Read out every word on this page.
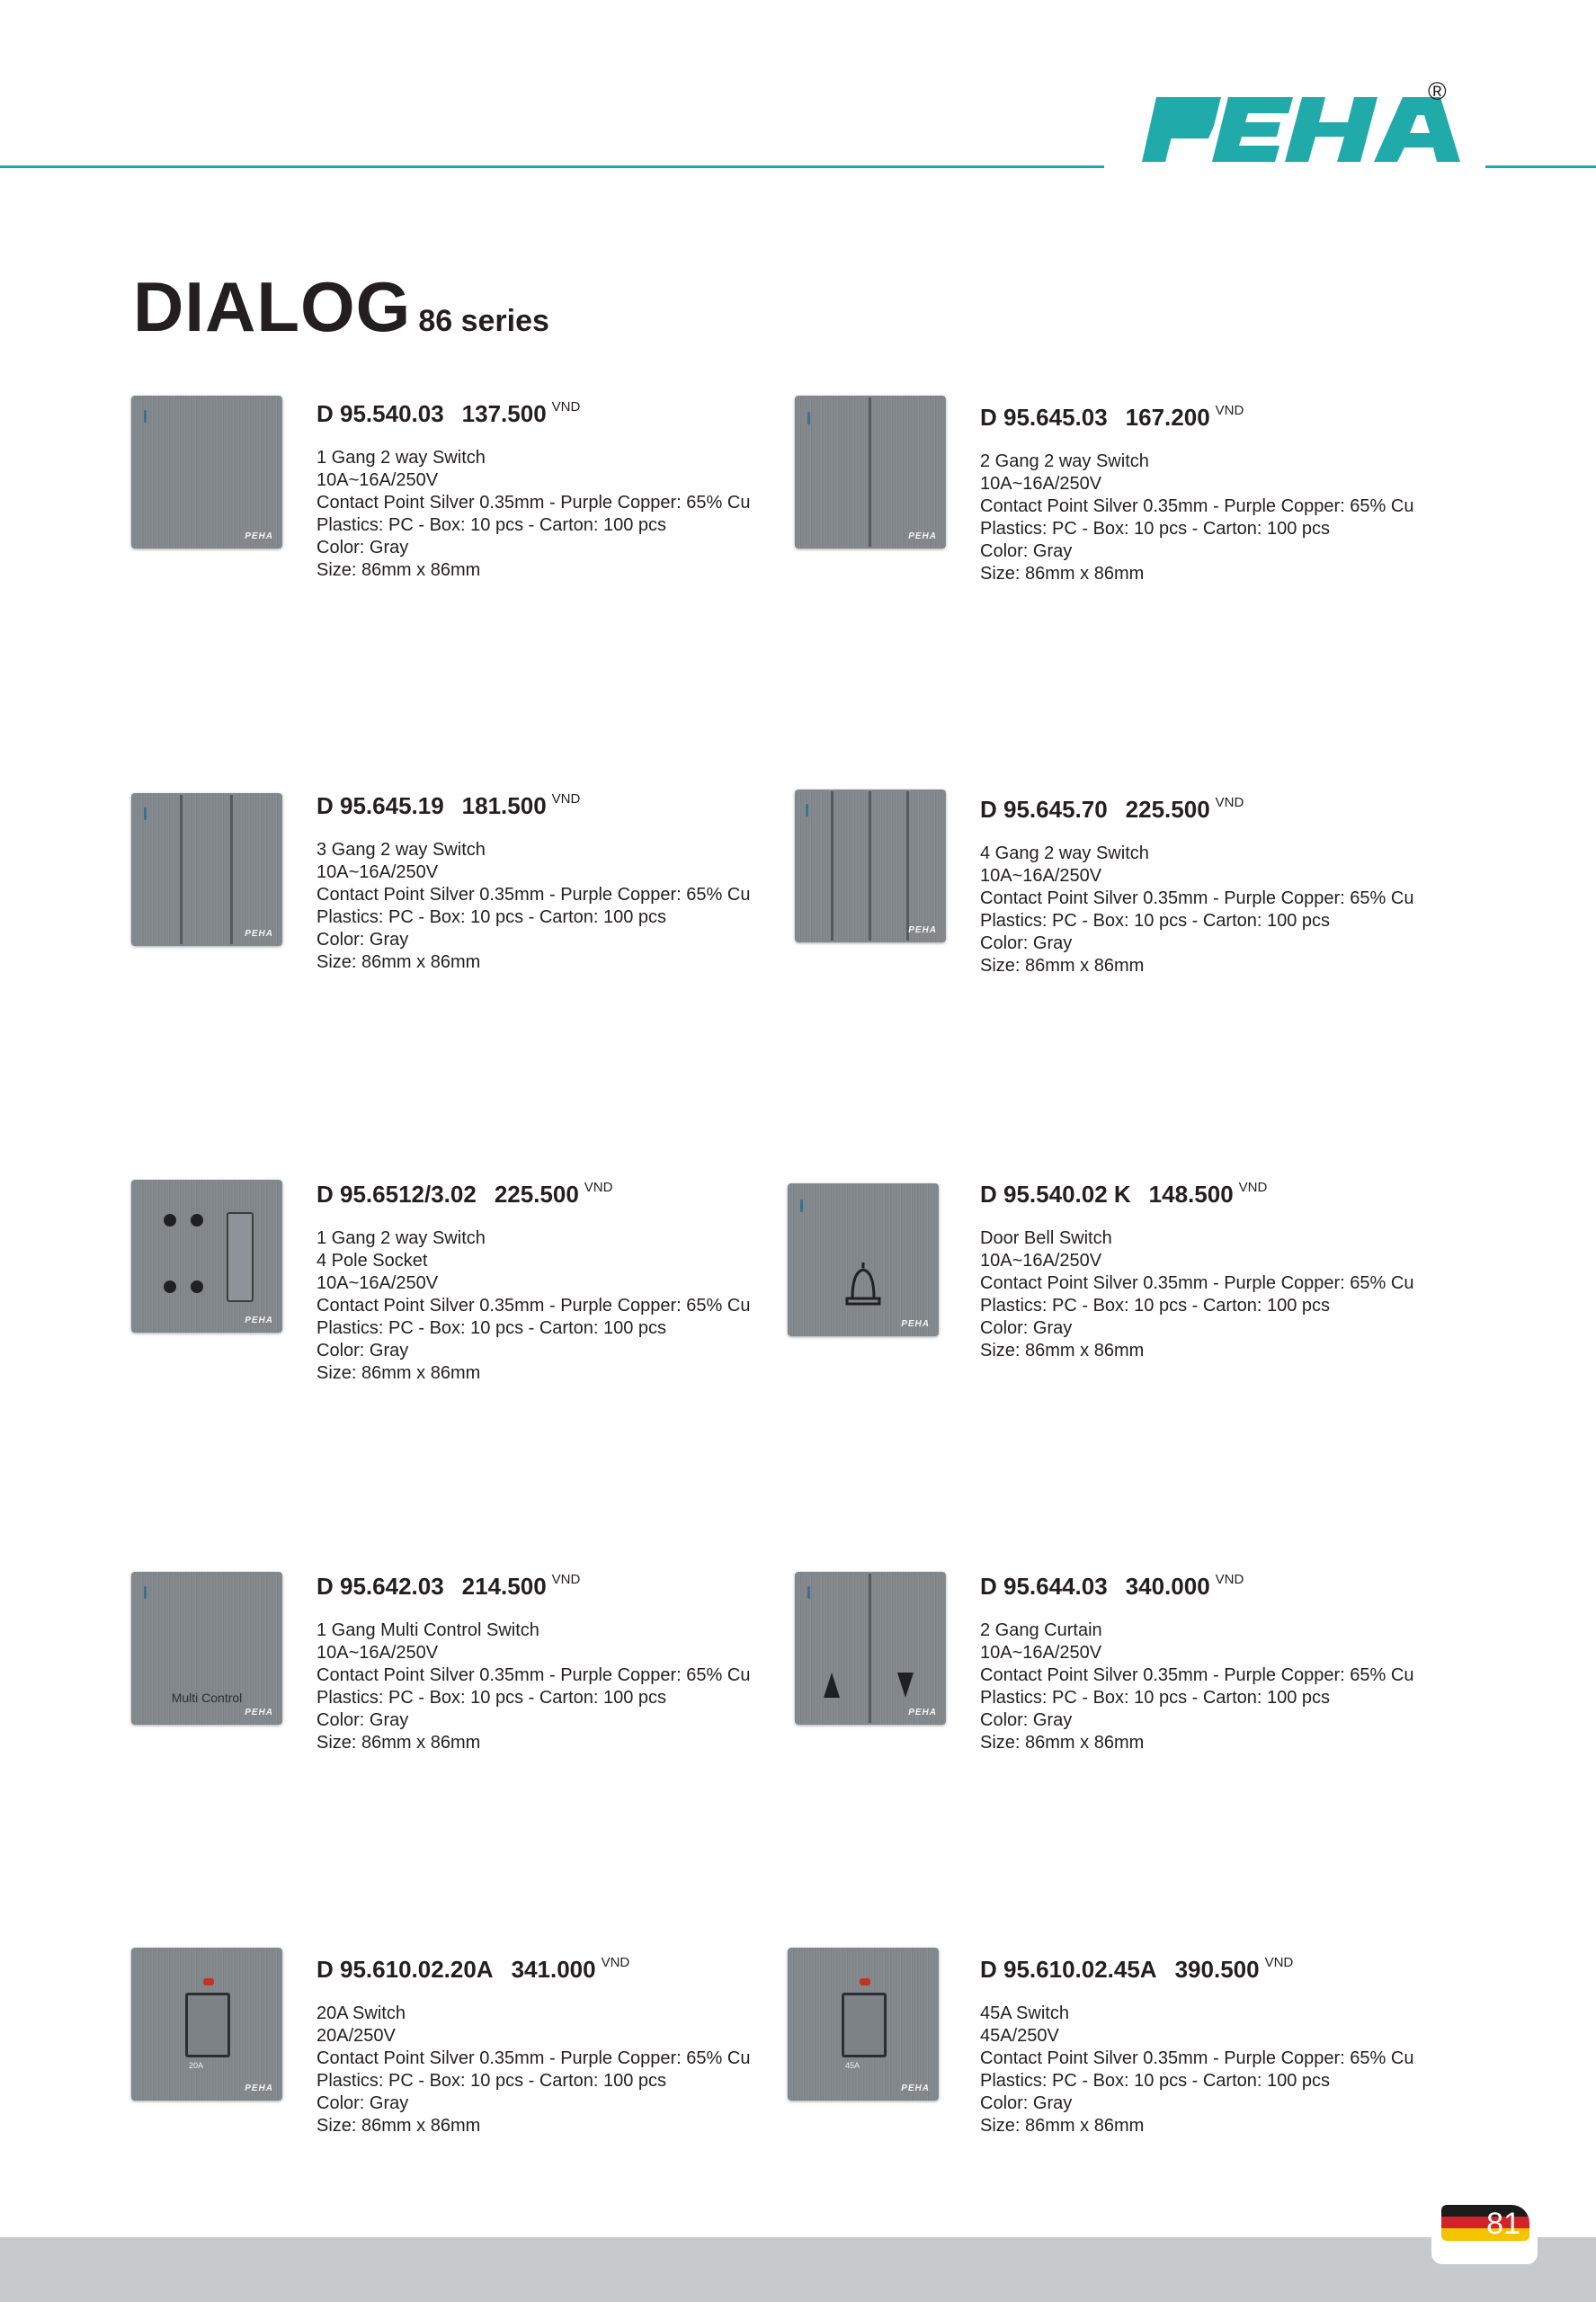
®
DIALOG 86 series
PEHA
D 95.540.03 137.500 $^{VND}$
1 Gang 2 way Switch
10A~16A/250V
Contact Point Silver 0.35mm - Purple Copper: 65% Cu
Plastics: PC - Box: 10 pcs - Carton: 100 pcs
Color: Gray
Size: 86mm x 86mm
PEHA
D 95.645.03 167.200 $^{VND}$
2 Gang 2 way Switch
10A~16A/250V
Contact Point Silver 0.35mm - Purple Copper: 65% Cu
Plastics: PC - Box: 10 pcs - Carton: 100 pcs
Color: Gray
Size: 86mm x 86mm
PEHA
D 95.645.19 181.500 $^{VND}$
3 Gang 2 way Switch
10A~16A/250V
Contact Point Silver 0.35mm - Purple Copper: 65% Cu
Plastics: PC - Box: 10 pcs - Carton: 100 pcs
Color: Gray
Size: 86mm x 86mm
PEHA
D 95.645.70 225.500 $^{VND}$
4 Gang 2 way Switch
10A~16A/250V
Contact Point Silver 0.35mm - Purple Copper: 65% Cu
Plastics: PC - Box: 10 pcs - Carton: 100 pcs
Color: Gray
Size: 86mm x 86mm
PEHA
D 95.6512/3.02 225.500 $^{VND}$
1 Gang 2 way Switch
4 Pole Socket
10A~16A/250V
Contact Point Silver 0.35mm - Purple Copper: 65% Cu
Plastics: PC - Box: 10 pcs - Carton: 100 pcs
Color: Gray
Size: 86mm x 86mm
PEHA
D 95.540.02 K 148.500 $^{VND}$
Door Bell Switch
10A~16A/250V
Contact Point Silver 0.35mm - Purple Copper: 65% Cu
Plastics: PC - Box: 10 pcs - Carton: 100 pcs
Color: Gray
Size: 86mm x 86mm
Multi Control
PEHA
D 95.642.03 214.500 $^{VND}$
1 Gang Multi Control Switch
10A~16A/250V
Contact Point Silver 0.35mm - Purple Copper: 65% Cu
Plastics: PC - Box: 10 pcs - Carton: 100 pcs
Color: Gray
Size: 86mm x 86mm
PEHA
D 95.644.03 340.000 $^{VND}$
2 Gang Curtain
10A~16A/250V
Contact Point Silver 0.35mm - Purple Copper: 65% Cu
Plastics: PC - Box: 10 pcs - Carton: 100 pcs
Color: Gray
Size: 86mm x 86mm
20A
PEHA
D 95.610.02.20A 341.000 $^{VND}$
20A Switch
20A/250V
Contact Point Silver 0.35mm - Purple Copper: 65% Cu
Plastics: PC - Box: 10 pcs - Carton: 100 pcs
Color: Gray
Size: 86mm x 86mm
45A
PEHA
D 95.610.02.45A 390.500 $^{VND}$
45A Switch
45A/250V
Contact Point Silver 0.35mm - Purple Copper: 65% Cu
Plastics: PC - Box: 10 pcs - Carton: 100 pcs
Color: Gray
Size: 86mm x 86mm
81
